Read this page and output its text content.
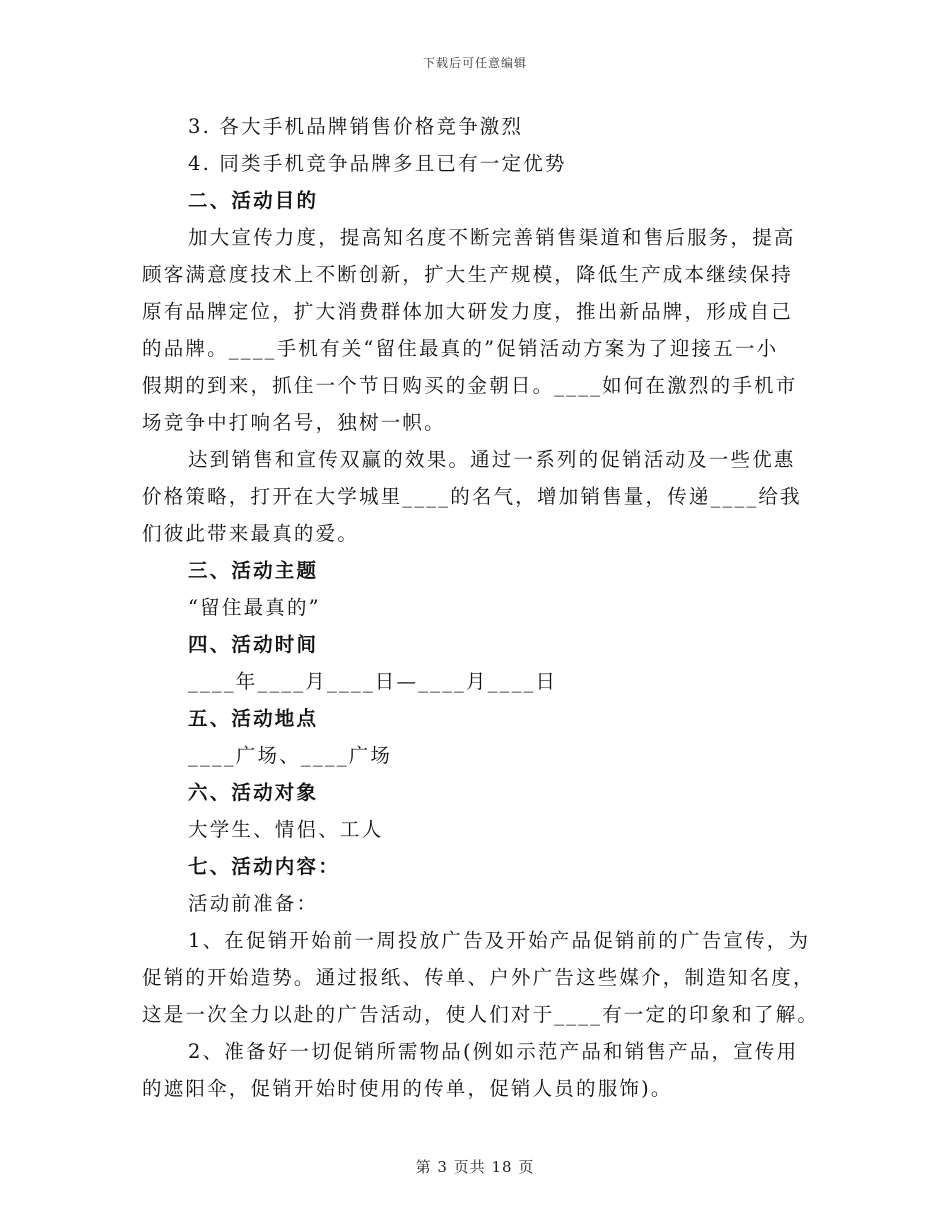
下载后可任意编辑
3. 各大手机品牌销售价格竞争激烈
4. 同类手机竞争品牌多且已有一定优势
二、活动目的
加大宣传力度，提高知名度不断完善销售渠道和售后服务，提高
顾客满意度技术上不断创新，扩大生产规模，降低生产成本继续保持
原有品牌定位，扩大消费群体加大研发力度，推出新品牌，形成自己
的品牌。____手机有关“留住最真的”促销活动方案为了迎接五一小
假期的到来，抓住一个节日购买的金朝日。____如何在激烈的手机市
场竞争中打响名号，独树一帜。
达到销售和宣传双赢的效果。通过一系列的促销活动及一些优惠
价格策略，打开在大学城里____的名气，增加销售量，传递____给我
们彼此带来最真的爱。
三、活动主题
“留住最真的”
四、活动时间
____年____月____日—____月____日
五、活动地点
____广场、____广场
六、活动对象
大学生、情侣、工人
七、活动内容：
活动前准备：
1、在促销开始前一周投放广告及开始产品促销前的广告宣传，为
促销的开始造势。通过报纸、传单、户外广告这些媒介，制造知名度，
这是一次全力以赴的广告活动，使人们对于____有一定的印象和了解。
2、准备好一切促销所需物品(例如示范产品和销售产品，宣传用
的遮阳伞，促销开始时使用的传单，促销人员的服饰)。
第 3 页共 18 页
